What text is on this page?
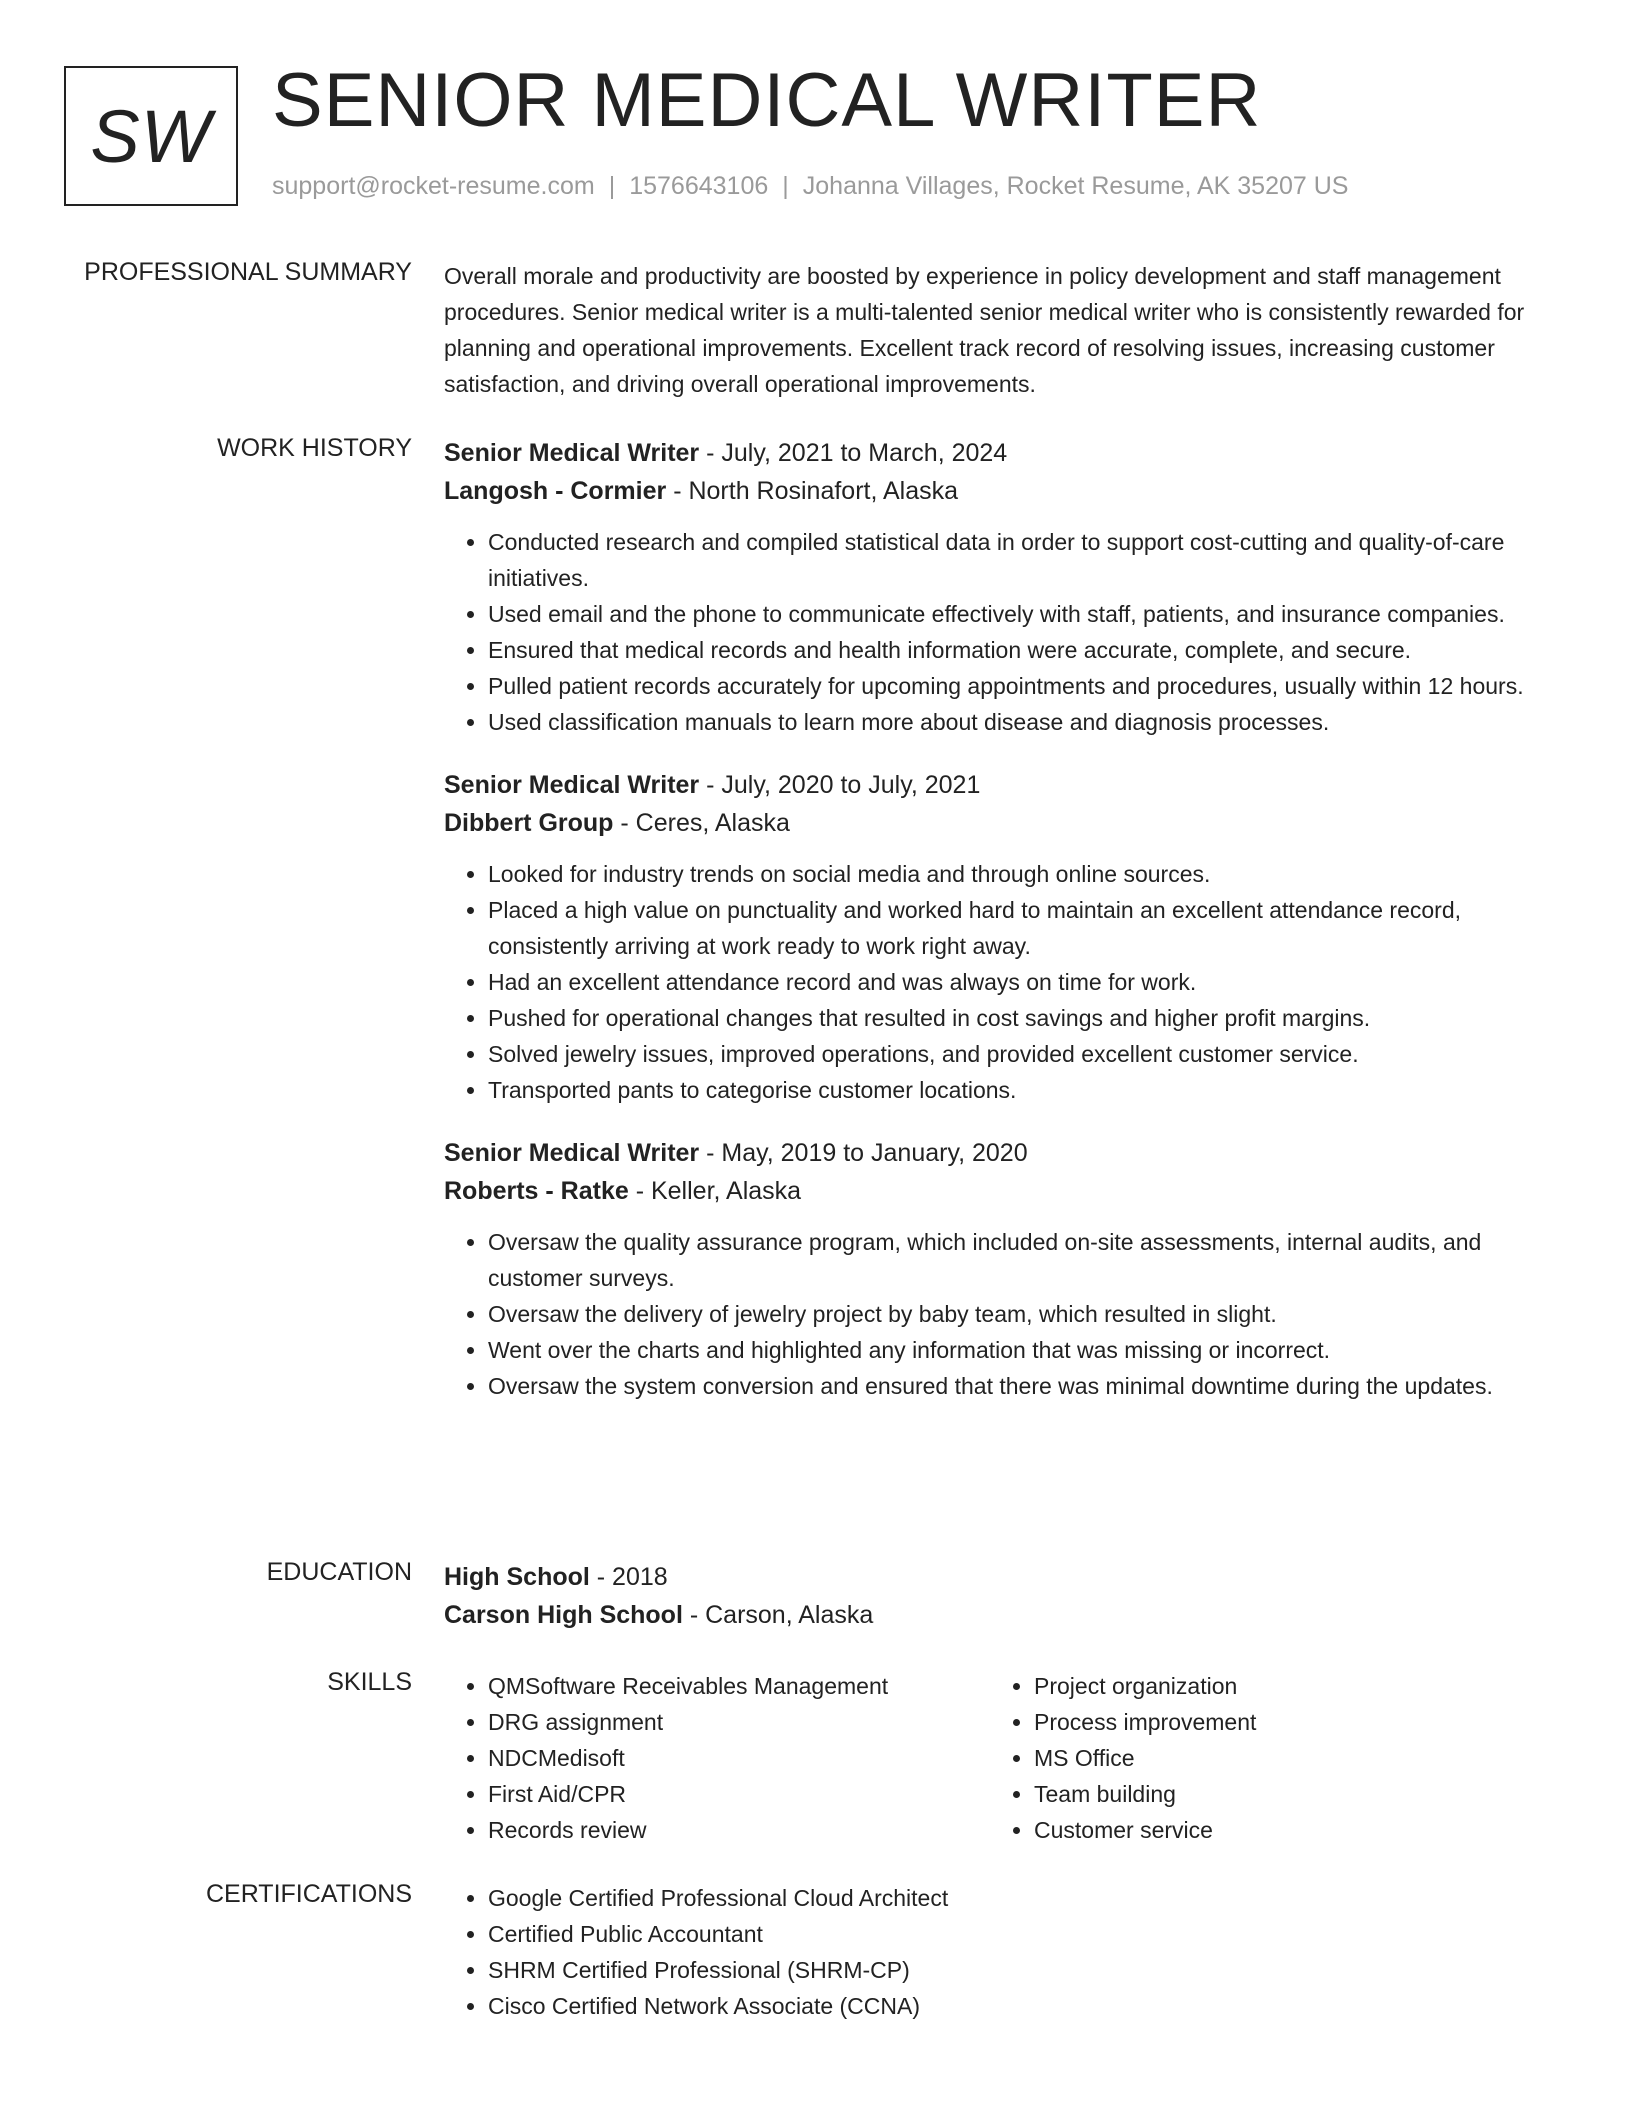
SW SENIOR MEDICAL WRITER
support@rocket-resume.com | 1576643106 | Johanna Villages, Rocket Resume, AK 35207 US
PROFESSIONAL SUMMARY Overall morale and productivity are boosted by experience in policy development and staff management procedures. Senior medical writer is a multi-talented senior medical writer who is consistently rewarded for planning and operational improvements. Excellent track record of resolving issues, increasing customer satisfaction, and driving overall operational improvements.

WORK HISTORY Senior Medical Writer - July, 2021 to March, 2024
Langosh - Cormier - North Rosinafort, Alaska
• Conducted research and compiled statistical data in order to support cost-cutting and quality-of-care initiatives.
• Used email and the phone to communicate effectively with staff, patients, and insurance companies.
• Ensured that medical records and health information were accurate, complete, and secure.
• Pulled patient records accurately for upcoming appointments and procedures, usually within 12 hours.
• Used classification manuals to learn more about disease and diagnosis processes.
Senior Medical Writer - July, 2020 to July, 2021
Dibbert Group - Ceres, Alaska
• Looked for industry trends on social media and through online sources.
• Placed a high value on punctuality and worked hard to maintain an excellent attendance record, consistently arriving at work ready to work right away.
• Had an excellent attendance record and was always on time for work.
• Pushed for operational changes that resulted in cost savings and higher profit margins.
• Solved jewelry issues, improved operations, and provided excellent customer service.
• Transported pants to categorise customer locations.
Senior Medical Writer - May, 2019 to January, 2020
Roberts - Ratke - Keller, Alaska
• Oversaw the quality assurance program, which included on-site assessments, internal audits, and customer surveys.
• Oversaw the delivery of jewelry project by baby team, which resulted in slight.
• Went over the charts and highlighted any information that was missing or incorrect.
• Oversaw the system conversion and ensured that there was minimal downtime during the updates.
EDUCATION High School - 2018
Carson High School - Carson, Alaska
SKILLS	• QMSoftware Receivables Management
• DRG assignment
• NDCMedisoft
• First Aid/CPR
• Records review
• Project organization
• Process improvement
• MS Office
• Team building
• Customer service
CERTIFICATIONS	• Google Certified Professional Cloud Architect
• Certified Public Accountant
• SHRM Certified Professional (SHRM-CP)
• Cisco Certified Network Associate (CCNA)
